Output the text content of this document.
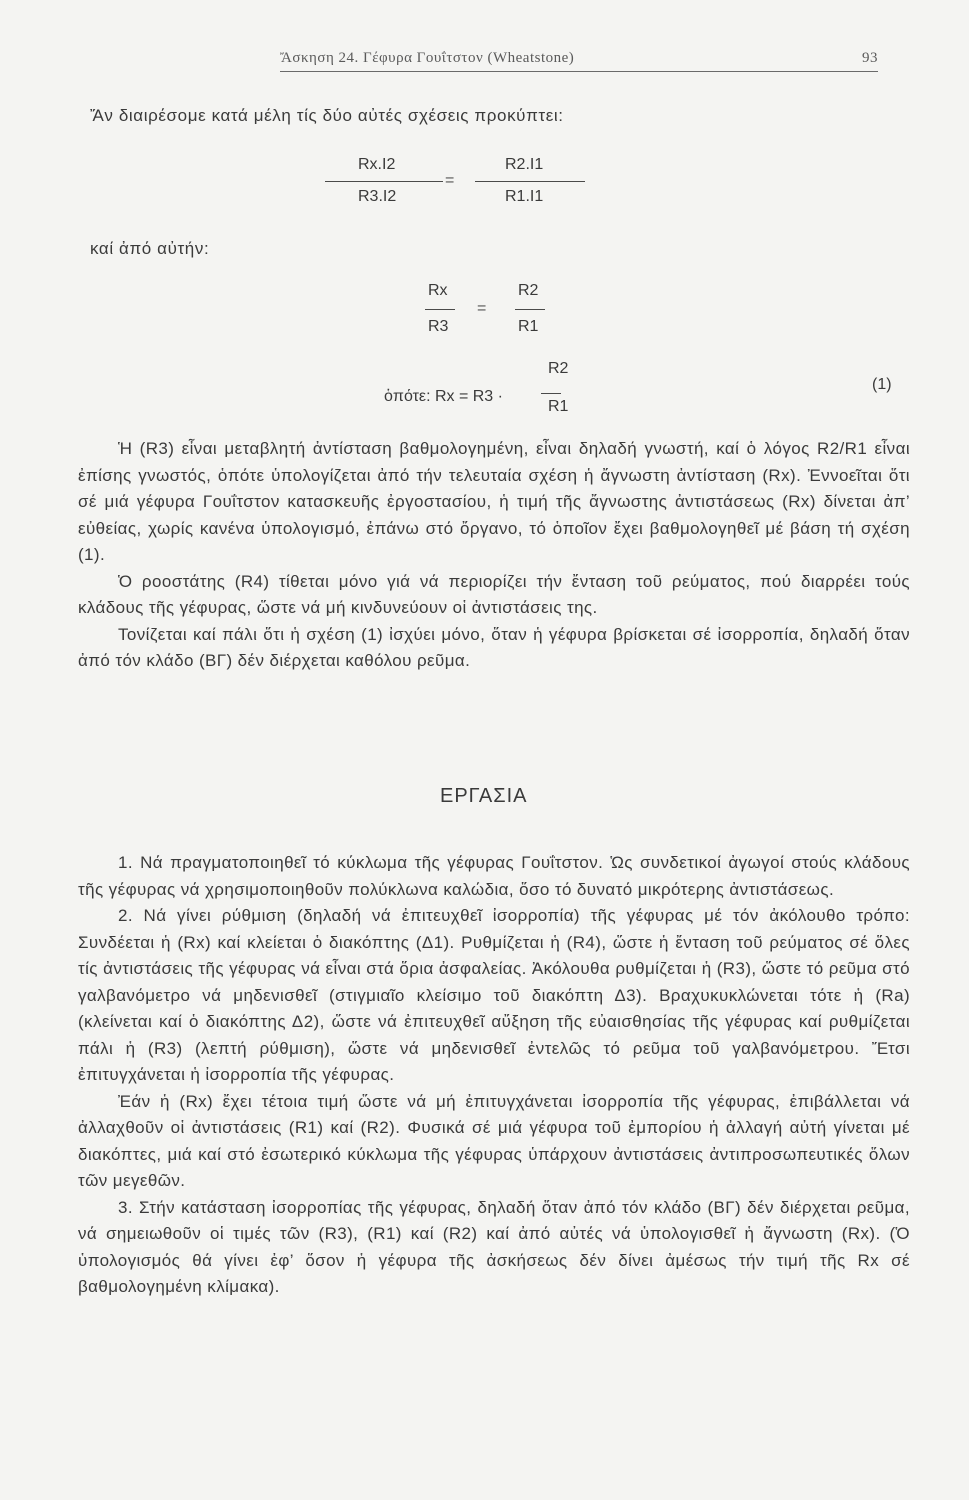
Ἄσκηση 24. Γέφυρα Γουΐτστον (Wheatstone)	93
Ἄν διαιρέσομε κατά μέλη τίς δύο αὐτές σχέσεις προκύπτει:
Rx.I2
R3.I2
=
R2.I1
R1.I1
καί ἀπό αὐτήν:
Rx
R3
=
R2
R1
R2
ὁπότε: Rx = R3 ·
R1
(1)

Ἡ (R3) εἶναι μεταβλητή ἀντίσταση βαθμολογημένη, εἶναι δηλαδή γνωστή, καί ὁ λόγος R2/R1 εἶναι ἐπίσης γνωστός, ὁπότε ὑπολογίζεται ἀπό τήν τελευταία σχέση ἡ ἄγνωστη ἀντίσταση (Rx). Ἐννοεῖται ὅτι σέ μιά γέφυρα Γουΐτστον κατασκευῆς ἐργοστασίου, ἡ τιμή τῆς ἄγνωστης ἀντιστάσεως (Rx) δίνεται ἀπ’ εὐθείας, χωρίς κανένα ὑπολογισμό, ἐπάνω στό ὄργανο, τό ὁποῖον ἔχει βαθμολογηθεῖ μέ βάση τή σχέση (1).

Ὁ ροοστάτης (R4) τίθεται μόνο γιά νά περιορίζει τήν ἔνταση τοῦ ρεύματος, πού διαρρέει τούς κλάδους τῆς γέφυρας, ὥστε νά μή κινδυνεύουν οἱ ἀντιστάσεις της.

Τονίζεται καί πάλι ὅτι ἡ σχέση (1) ἰσχύει μόνο, ὅταν ἡ γέφυρα βρίσκεται σέ ἰσορροπία, δηλαδή ὅταν ἀπό τόν κλάδο (ΒΓ) δέν διέρχεται καθόλου ρεῦμα.

ΕΡΓΑΣΙΑ

1. Νά πραγματοποιηθεῖ τό κύκλωμα τῆς γέφυρας Γουΐτστον. Ὡς συνδετικοί ἀγωγοί στούς κλάδους τῆς γέφυρας νά χρησιμοποιηθοῦν πολύκλωνα καλώδια, ὅσο τό δυνατό μικρότερης ἀντιστάσεως.

2. Νά γίνει ρύθμιση (δηλαδή νά ἐπιτευχθεῖ ἰσορροπία) τῆς γέφυρας μέ τόν ἀκόλουθο τρόπο: Συνδέεται ἡ (Rx) καί κλείεται ὁ διακόπτης (Δ1). Ρυθμίζεται ἡ (R4), ὥστε ἡ ἔνταση τοῦ ρεύματος σέ ὅλες τίς ἀντιστάσεις τῆς γέφυρας νά εἶναι στά ὅρια ἀσφαλείας. Ἀκόλουθα ρυθμίζεται ἡ (R3), ὥστε τό ρεῦμα στό γαλβανόμετρο νά μηδενισθεῖ (στιγμιαῖο κλείσιμο τοῦ διακόπτη Δ3). Βραχυκυκλώνεται τότε ἡ (Ra) (κλείνεται καί ὁ διακόπτης Δ2), ὥστε νά ἐπιτευχθεῖ αὔξηση τῆς εὐαισθησίας τῆς γέφυρας καί ρυθμίζεται πάλι ἡ (R3) (λεπτή ρύθμιση), ὥστε νά μηδενισθεῖ ἐντελῶς τό ρεῦμα τοῦ γαλβανόμετρου. Ἔτσι ἐπιτυγχάνεται ἡ ἰσορροπία τῆς γέφυρας.

Ἐάν ἡ (Rx) ἔχει τέτοια τιμή ὥστε νά μή ἐπιτυγχάνεται ἰσορροπία τῆς γέφυρας, ἐπιβάλλεται νά ἀλλαχθοῦν οἱ ἀντιστάσεις (R1) καί (R2). Φυσικά σέ μιά γέφυρα τοῦ ἐμπορίου ἡ ἀλλαγή αὐτή γίνεται μέ διακόπτες, μιά καί στό ἐσωτερικό κύκλωμα τῆς γέφυρας ὑπάρχουν ἀντιστάσεις ἀντιπροσωπευτικές ὅλων τῶν μεγεθῶν.

3. Στήν κατάσταση ἰσορροπίας τῆς γέφυρας, δηλαδή ὅταν ἀπό τόν κλάδο (ΒΓ) δέν διέρχεται ρεῦμα, νά σημειωθοῦν οἱ τιμές τῶν (R3), (R1) καί (R2) καί ἀπό αὐτές νά ὑπολογισθεῖ ἡ ἄγνωστη (Rx). (Ὁ ὑπολογισμός θά γίνει ἐφ’ ὅσον ἡ γέφυρα τῆς ἀσκήσεως δέν δίνει ἀμέσως τήν τιμή τῆς Rx σέ βαθμολογημένη κλίμακα).
